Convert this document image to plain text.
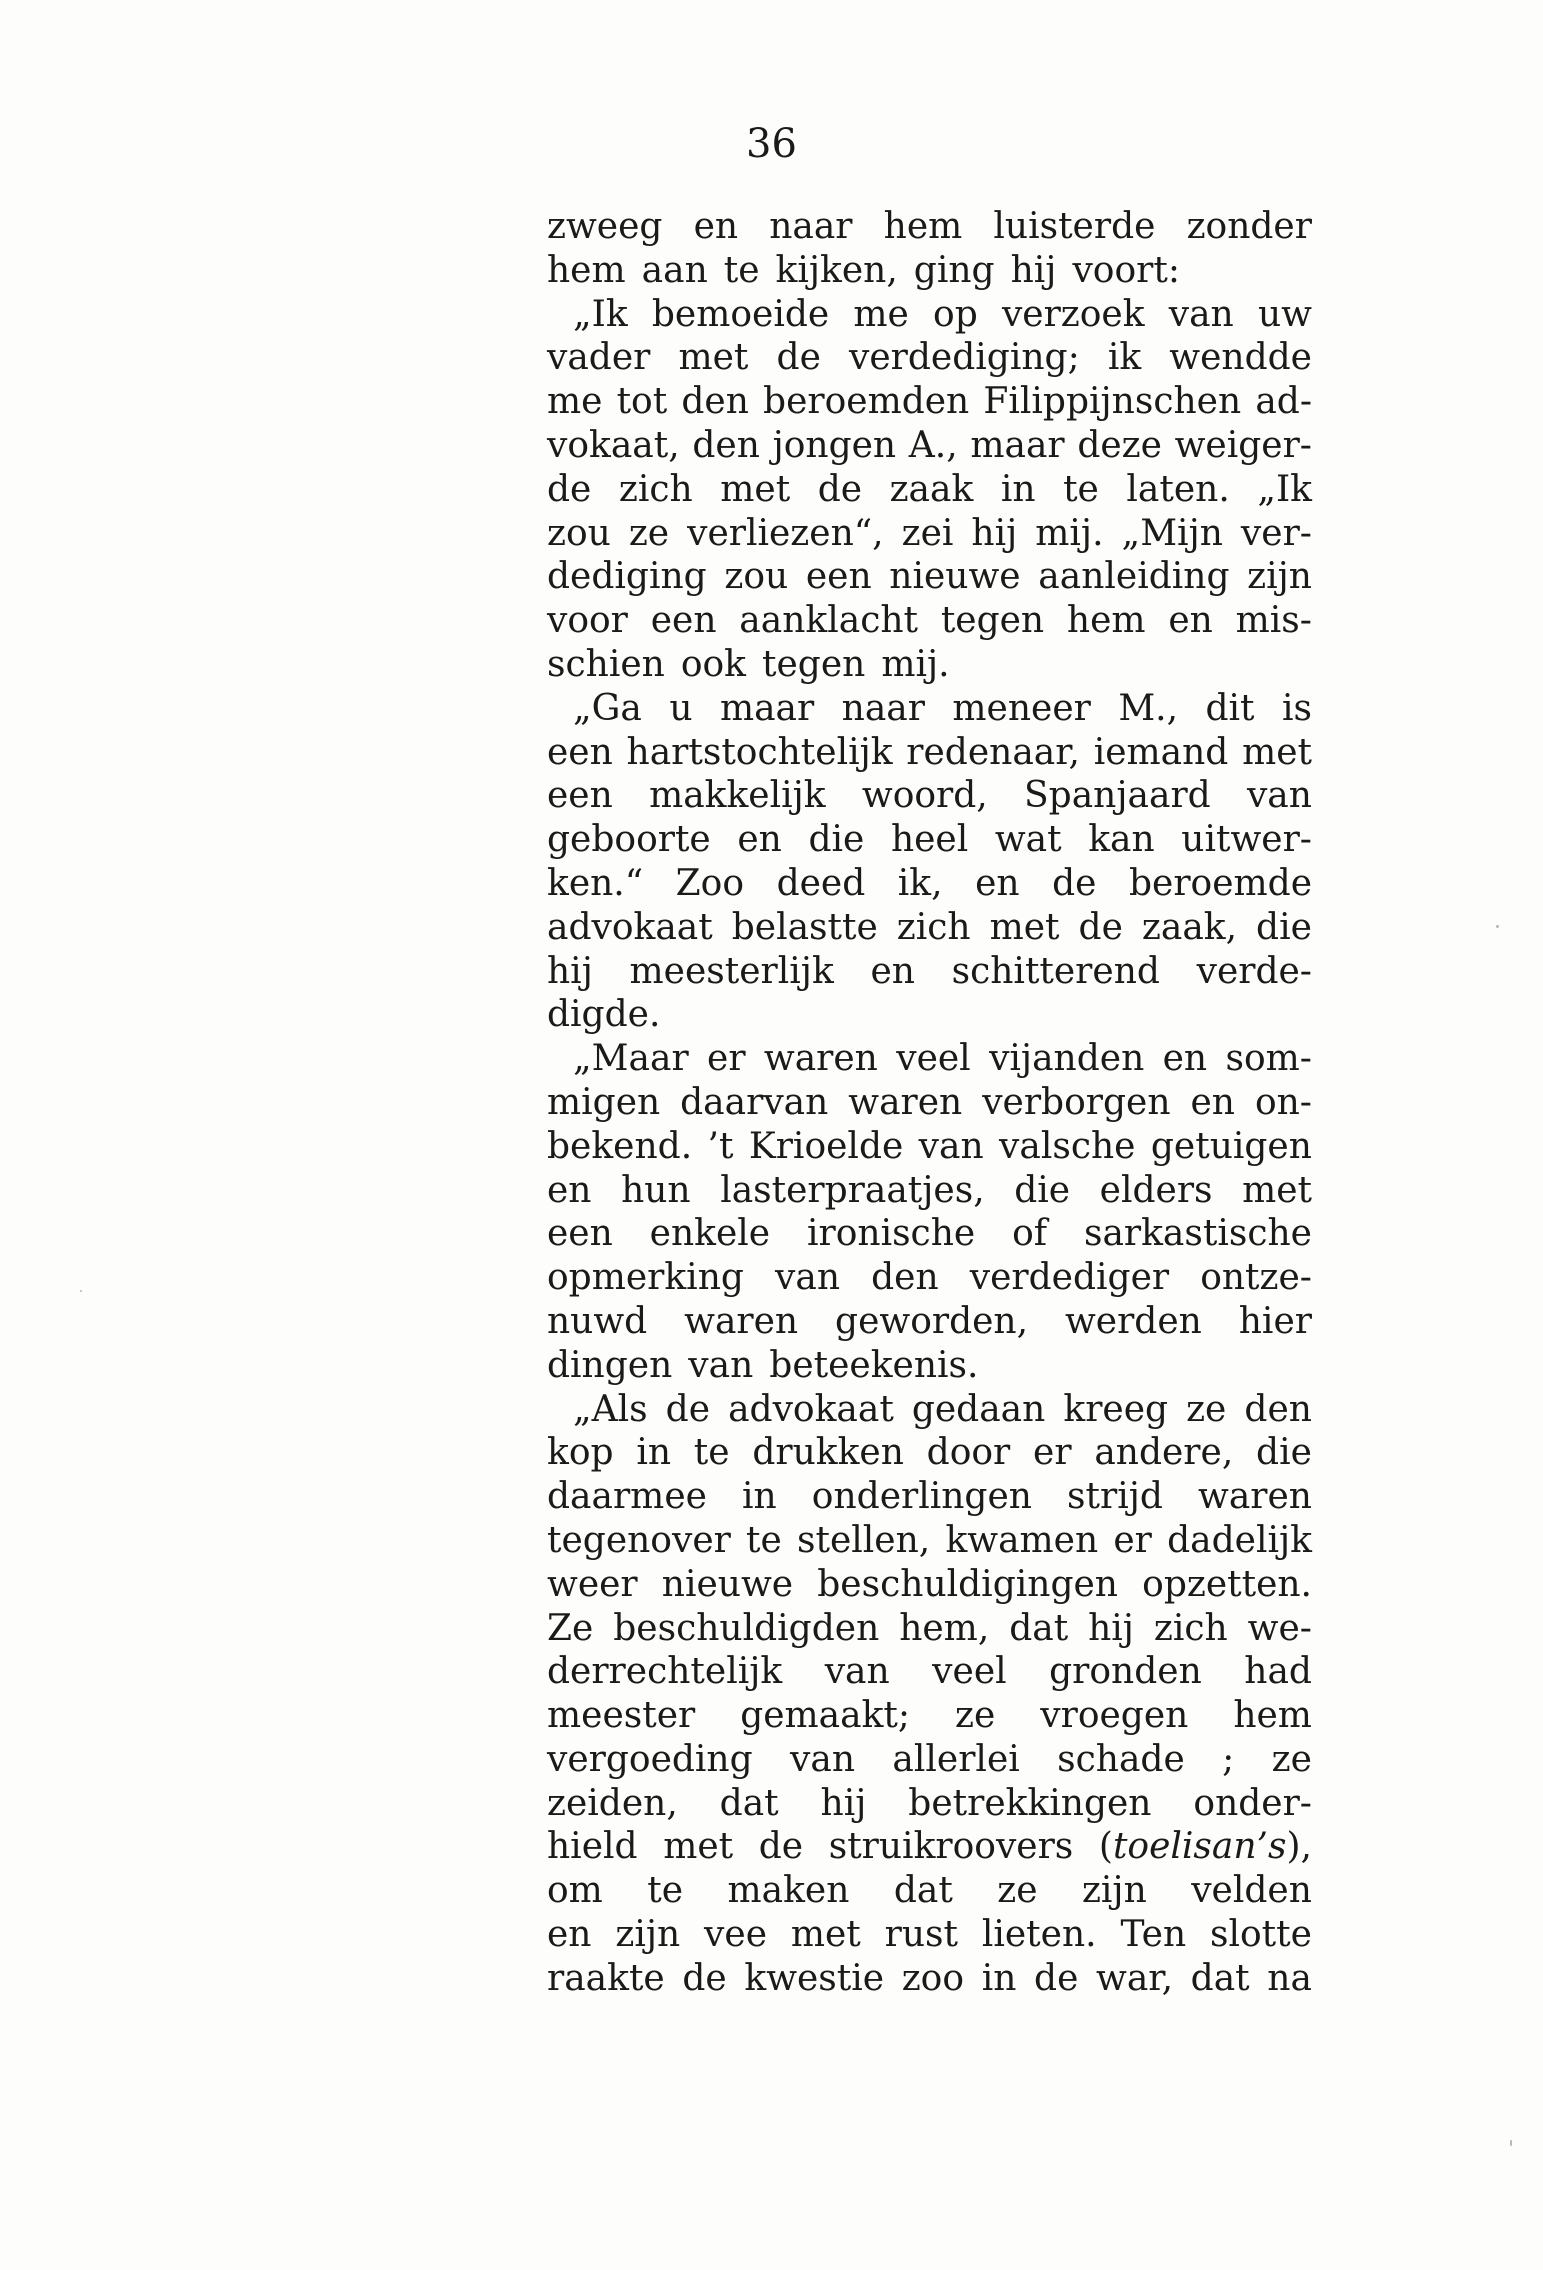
36
zweeg en naar hem luisterde zonder
hem aan te kijken, ging hij voort:
„Ik bemoeide me op verzoek van uw
vader met de verdediging; ik wendde
me tot den beroemden Filippijnschen ad-
vokaat, den jongen A., maar deze weiger-
de zich met de zaak in te laten. „Ik
zou ze verliezen“, zei hij mij. „Mijn ver-
dediging zou een nieuwe aanleiding zijn
voor een aanklacht tegen hem en mis-
schien ook tegen mij.
„Ga u maar naar meneer M., dit is
een hartstochtelijk redenaar, iemand met
een makkelijk woord, Spanjaard van
geboorte en die heel wat kan uitwer-
ken.“ Zoo deed ik, en de beroemde
advokaat belastte zich met de zaak, die
hij meesterlijk en schitterend verde-
digde.
„Maar er waren veel vijanden en som-
migen daarvan waren verborgen en on-
bekend. ’t Krioelde van valsche getuigen
en hun lasterpraatjes, die elders met
een enkele ironische of sarkastische
opmerking van den verdediger ontze-
nuwd waren geworden, werden hier
dingen van beteekenis.
„Als de advokaat gedaan kreeg ze den
kop in te drukken door er andere, die
daarmee in onderlingen strijd waren
tegenover te stellen, kwamen er dadelijk
weer nieuwe beschuldigingen opzetten.
Ze beschuldigden hem, dat hij zich we-
derrechtelijk van veel gronden had
meester gemaakt; ze vroegen hem
vergoeding van allerlei schade ; ze
zeiden, dat hij betrekkingen onder-
hield met de struikroovers (toelisan’s),
om te maken dat ze zijn velden
en zijn vee met rust lieten. Ten slotte
raakte de kwestie zoo in de war, dat na
